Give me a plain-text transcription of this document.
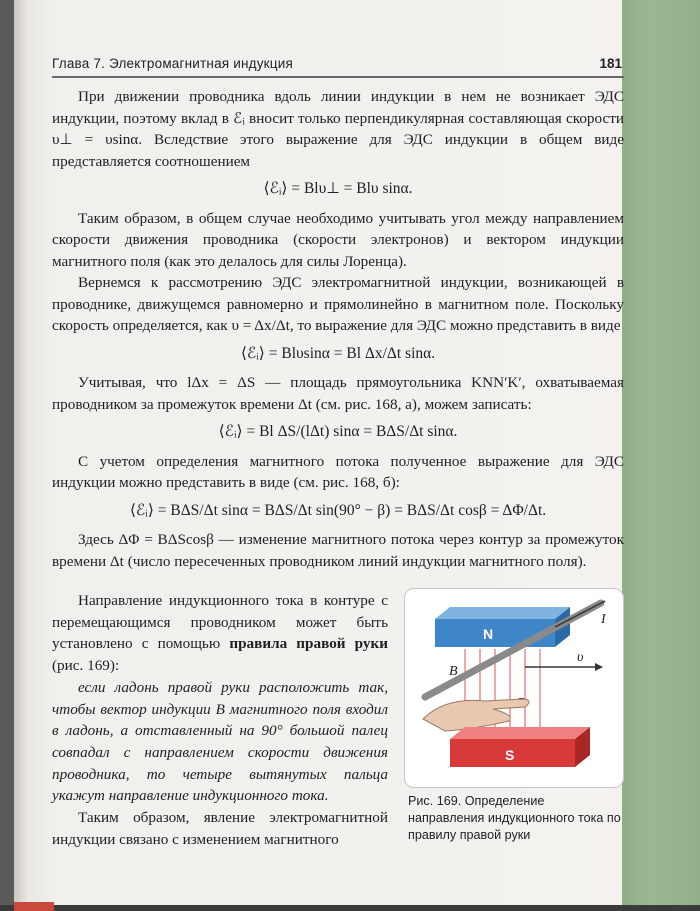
Глава 7. Электромагнитная индукция	181

При движении проводника вдоль линии индукции в нем не возникает ЭДС индукции, поэтому вклад в ℰᵢ вносит только перпендикулярная составляющая скорости υ⊥ = υsinα. Вследствие этого выражение для ЭДС индукции в общем виде представляется соотношением

⟨ℰᵢ⟩ = Blυ⊥ = Blυ sinα.

Таким образом, в общем случае необходимо учитывать угол между направлением скорости движения проводника (скорости электронов) и вектором индукции магнитного поля (как это делалось для силы Лоренца).

Вернемся к рассмотрению ЭДС электромагнитной индукции, возникающей в проводнике, движущемся равномерно и прямолинейно в магнитном поле. Поскольку скорость определяется, как υ = Δx/Δt, то выражение для ЭДС можно представить в виде

⟨ℰᵢ⟩ = Blυsinα = Bl Δx/Δt sinα.

Учитывая, что lΔx = ΔS — площадь прямоугольника KNN′K′, охватываемая проводником за промежуток времени Δt (см. рис. 168, а), можем записать:

⟨ℰᵢ⟩ = Bl ΔS/(lΔt) sinα = BΔS/Δt sinα.

С учетом определения магнитного потока полученное выражение для ЭДС индукции можно представить в виде (см. рис. 168, б):

⟨ℰᵢ⟩ = BΔS/Δt sinα = BΔS/Δt sin(90° − β) = BΔS/Δt cosβ = ΔΦ/Δt.

Здесь ΔΦ = BΔScosβ — изменение магнитного потока через контур за промежуток времени Δt (число пересеченных проводником линий индукции магнитного поля).

Направление индукционного тока в контуре с перемещающимся проводником может быть установлено с помощью правила правой руки (рис. 169):

если ладонь правой руки расположить так, чтобы вектор индукции B магнитного поля входил в ладонь, а отставленный на 90° большой палец совпадал с направлением скорости движения проводника, то четыре вытянутых пальца укажут направление индукционного тока.

Таким образом, явление электромагнитной индукции связано с изменением магнитного

N
I
υ
B
S
Рис. 169. Определение направления индукционного тока по правилу правой руки
